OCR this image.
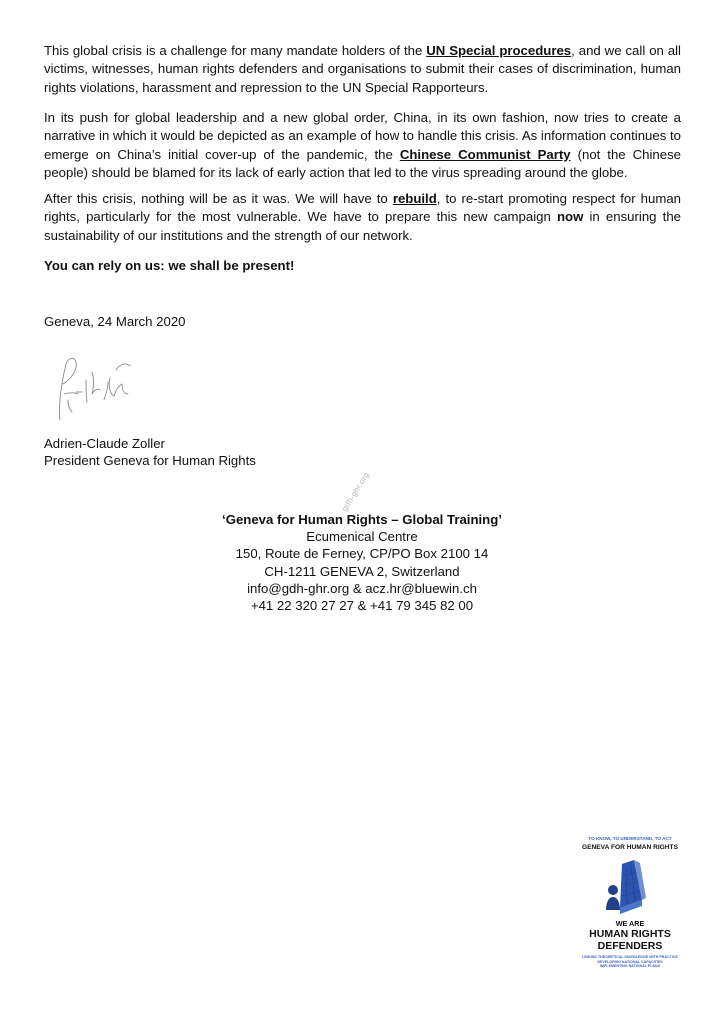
This global crisis is a challenge for many mandate holders of the UN Special procedures, and we call on all victims, witnesses, human rights defenders and organisations to submit their cases of discrimination, human rights violations, harassment and repression to the UN Special Rapporteurs.

In its push for global leadership and a new global order, China, in its own fashion, now tries to create a narrative in which it would be depicted as an example of how to handle this crisis. As information continues to emerge on China’s initial cover-up of the pandemic, the Chinese Communist Party (not the Chinese people) should be blamed for its lack of early action that led to the virus spreading around the globe.

After this crisis, nothing will be as it was. We will have to rebuild, to re-start promoting respect for human rights, particularly for the most vulnerable. We have to prepare this new campaign now in ensuring the sustainability of our institutions and the strength of our network.

You can rely on us: we shall be present!

Geneva, 24 March 2020
Adrien-Claude Zoller
President Geneva for Human Rights
‘Geneva for Human Rights – Global Training’
Ecumenical Centre
150, Route de Ferney, CP/PO Box 2100 14
CH-1211 GENEVA 2, Switzerland
info@gdh-ghr.org & acz.hr@bluewin.ch
+41 22 320 27 27 & +41 79 345 82 00
gdh-ghr.org
TO KNOW, TO UNDERSTAND, TO ACT
GENEVA FOR HUMAN RIGHTS
WE ARE
HUMAN RIGHTS
DEFENDERS
LINKING THEORETICAL KNOWLEDGE WITH PRACTICE
DEVELOPING NATIONAL CAPACITIES
IMPLEMENTING NATIONAL PLANS
